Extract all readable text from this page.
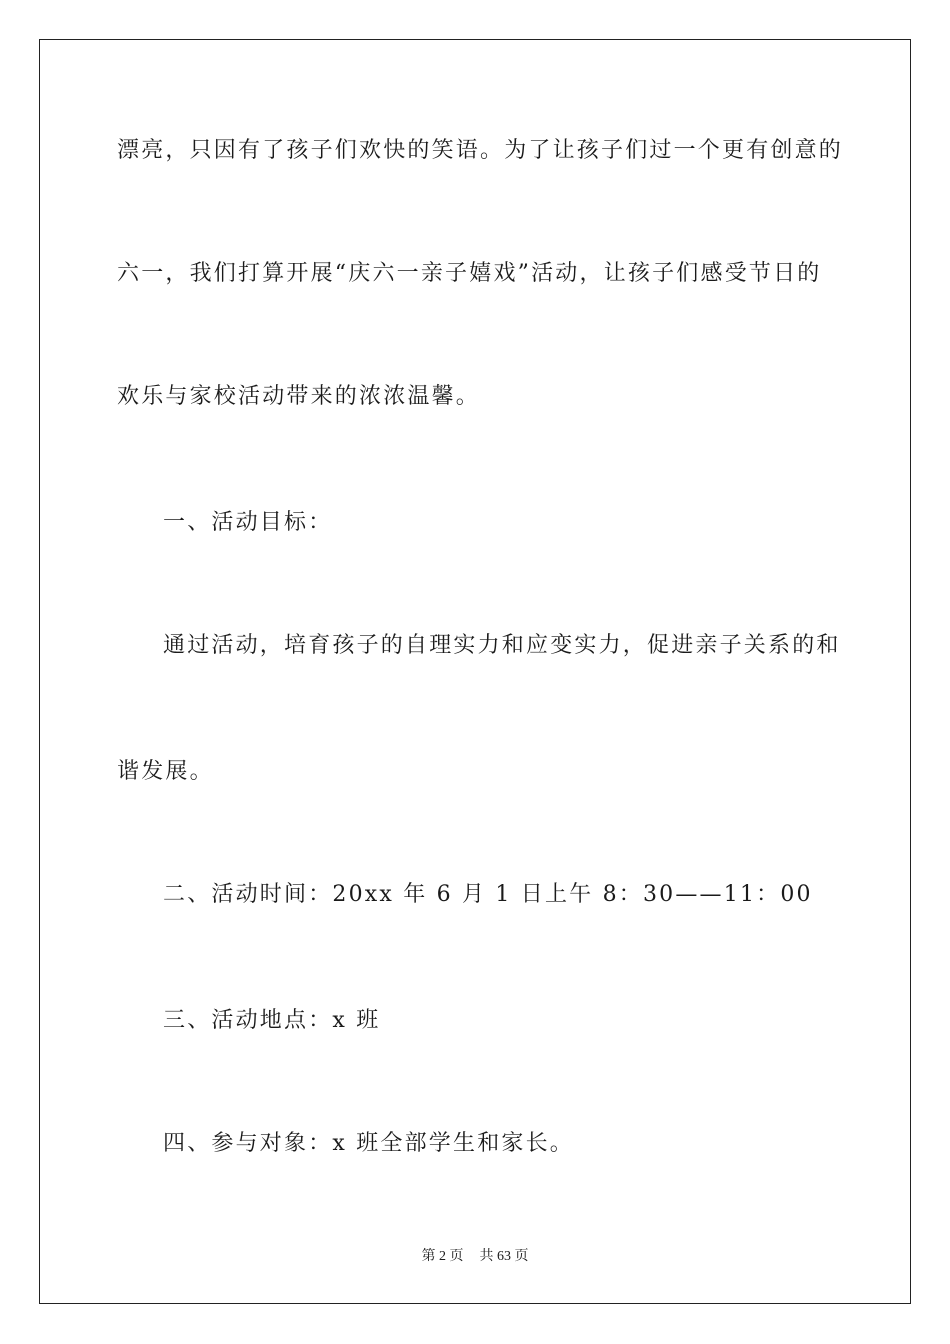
漂亮，只因有了孩子们欢快的笑语。为了让孩子们过一个更有创意的
六一，我们打算开展“庆六一亲子嬉戏”活动，让孩子们感受节日的
欢乐与家校活动带来的浓浓温馨。
一、活动目标：
通过活动，培育孩子的自理实力和应变实力，促进亲子关系的和
谐发展。
二、活动时间：20xx 年 6 月 1 日上午 8：30——11：00
三、活动地点：x 班
四、参与对象：x 班全部学生和家长。
第 2 页 共 63 页
